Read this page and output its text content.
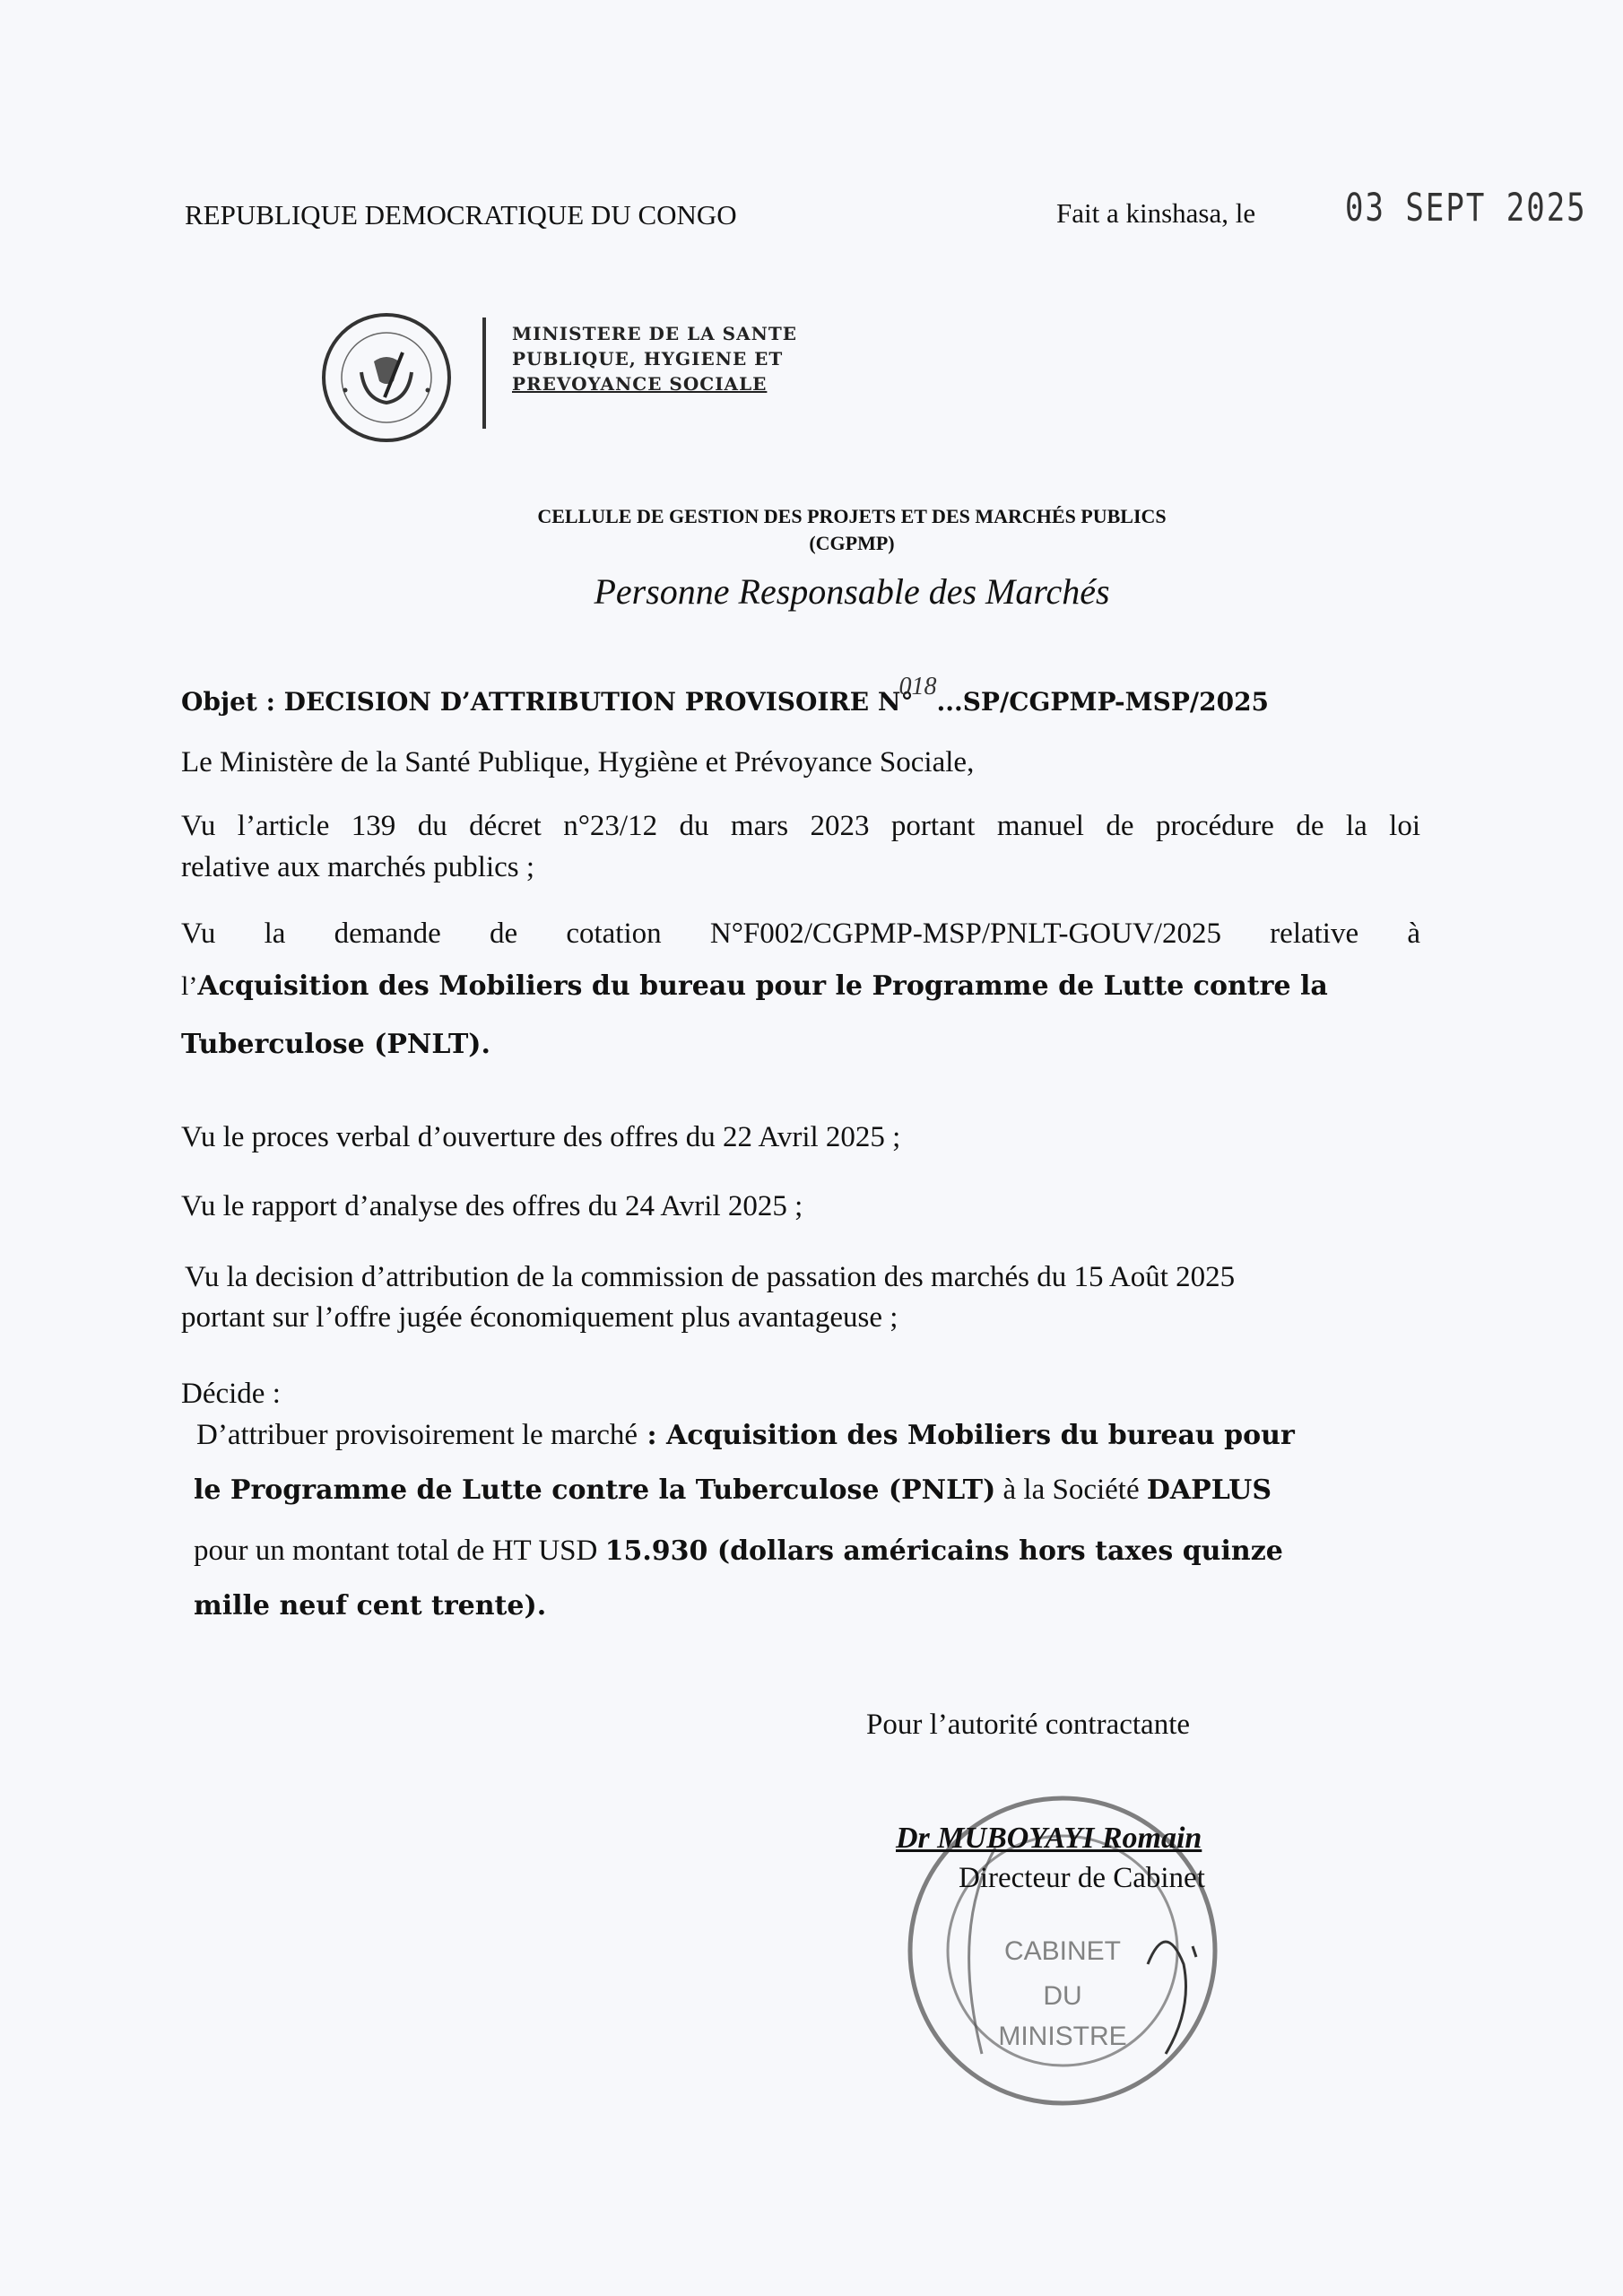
REPUBLIQUE DEMOCRATIQUE DU CONGO	Fait a kinshasa, le	03 SEPT 2025
MINISTERE DE LA SANTE
PUBLIQUE, HYGIENE ET
PREVOYANCE SOCIALE
CELLULE DE GESTION DES PROJETS ET DES MARCHÉS PUBLICS
(CGPMP)
Personne Responsable des Marchés
Objet : DECISION D’ATTRIBUTION PROVISOIRE N°018...SP/CGPMP-MSP/2025
Le Ministère de la Santé Publique, Hygiène et Prévoyance Sociale,
Vu l’article 139 du décret n°23/12 du mars 2023 portant manuel de procédure de la loi
relative aux marchés publics ;
Vu la demande de cotation N°F002/CGPMP-MSP/PNLT-GOUV/2025 relative à
l’Acquisition des Mobiliers du bureau pour le Programme de Lutte contre la
Tuberculose (PNLT).
Vu le proces verbal d’ouverture des offres du 22 Avril 2025 ;
Vu le rapport d’analyse des offres du 24 Avril 2025 ;
Vu la decision d’attribution de la commission de passation des marchés du 15 Août 2025
portant sur l’offre jugée économiquement plus avantageuse ;
Décide :
D’attribuer provisoirement le marché : Acquisition des Mobiliers du bureau pour
le Programme de Lutte contre la Tuberculose (PNLT) à la Société DAPLUS
pour un montant total de HT USD 15.930 (dollars américains hors taxes quinze
mille neuf cent trente).
Pour l’autorité contractante
DU
CABINET
MINISTRE
Dr MUBOYAYI Romain
Directeur de Cabinet
